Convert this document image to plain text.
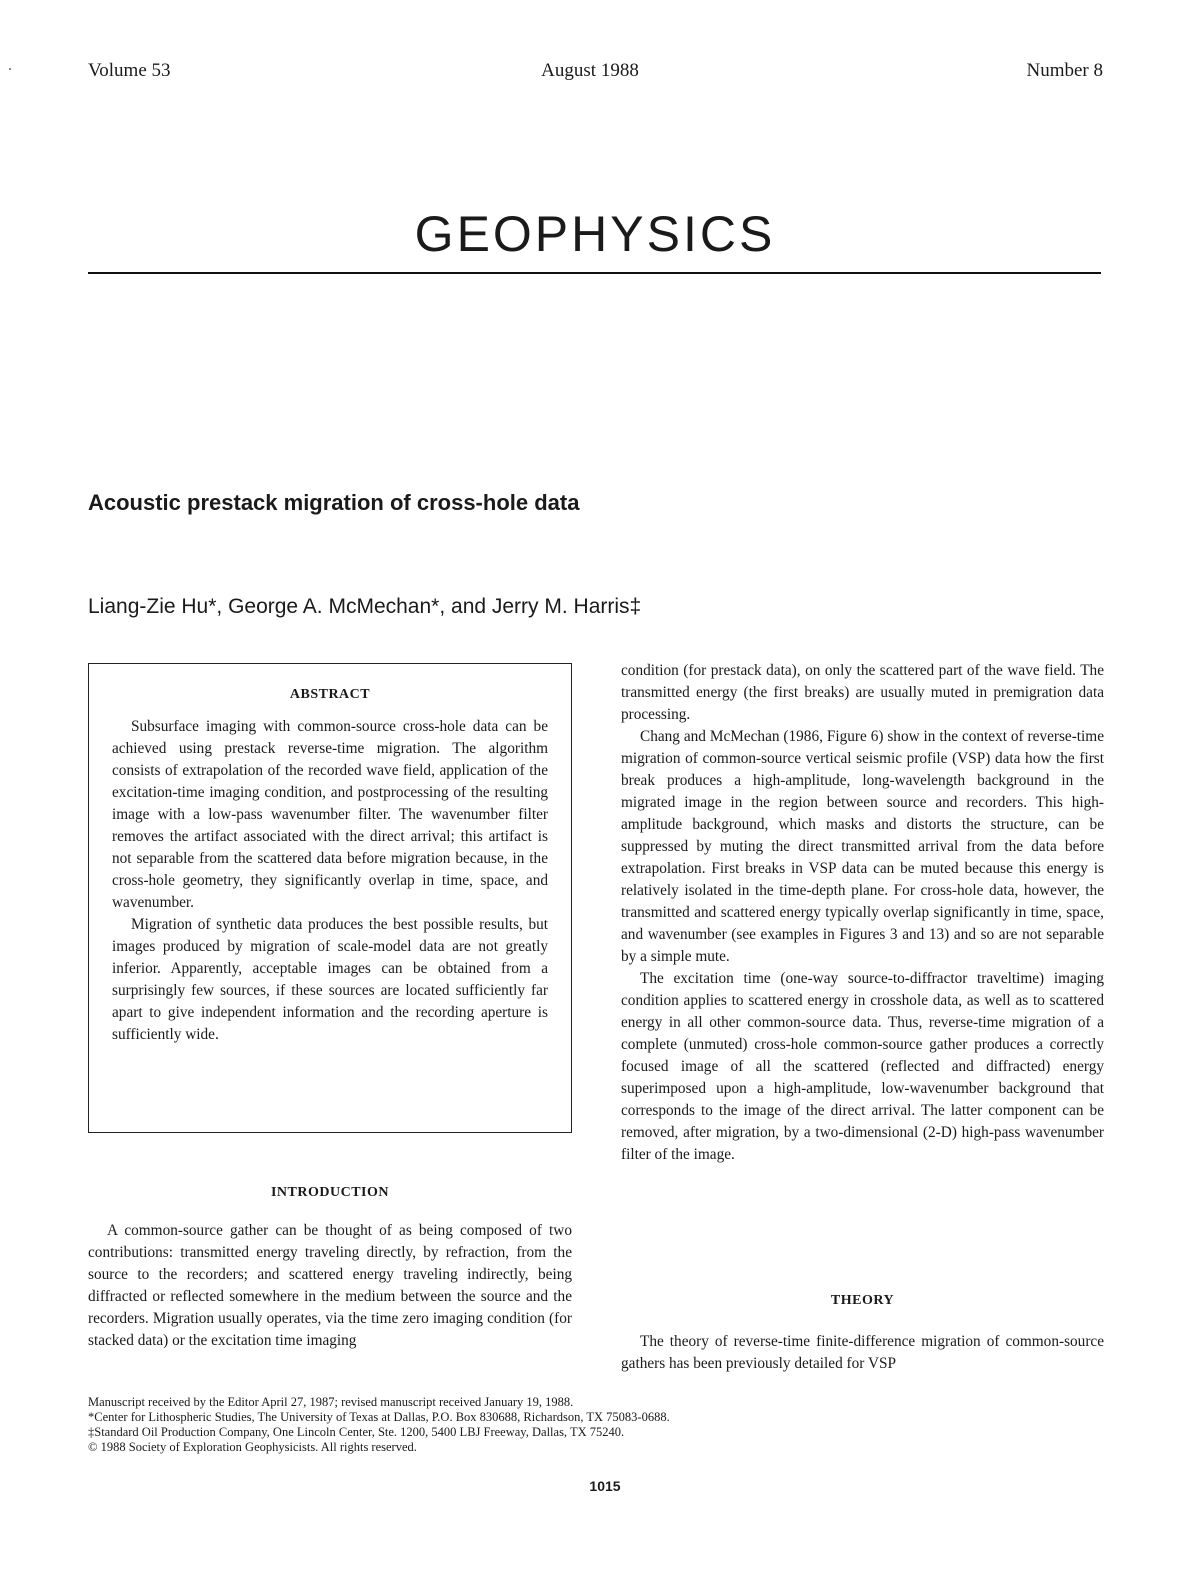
Volume 53	August 1988	Number 8
GEOPHYSICS
Acoustic prestack migration of cross-hole data
Liang-Zie Hu*, George A. McMechan*, and Jerry M. Harris‡
ABSTRACT

Subsurface imaging with common-source cross-hole data can be achieved using prestack reverse-time migration. The algorithm consists of extrapolation of the recorded wave field, application of the excitation-time imaging condition, and postprocessing of the resulting image with a low-pass wavenumber filter. The wavenumber filter removes the artifact associated with the direct arrival; this artifact is not separable from the scattered data before migration because, in the cross-hole geometry, they significantly overlap in time, space, and wavenumber.

Migration of synthetic data produces the best possible results, but images produced by migration of scale-model data are not greatly inferior. Apparently, acceptable images can be obtained from a surprisingly few sources, if these sources are located sufficiently far apart to give independent information and the recording aperture is sufficiently wide.

INTRODUCTION

A common-source gather can be thought of as being composed of two contributions: transmitted energy traveling directly, by refraction, from the source to the recorders; and scattered energy traveling indirectly, being diffracted or reflected somewhere in the medium between the source and the recorders. Migration usually operates, via the time zero imaging condition (for stacked data) or the excitation time imaging

condition (for prestack data), on only the scattered part of the wave field. The transmitted energy (the first breaks) are usually muted in premigration data processing.

Chang and McMechan (1986, Figure 6) show in the context of reverse-time migration of common-source vertical seismic profile (VSP) data how the first break produces a high-amplitude, long-wavelength background in the migrated image in the region between source and recorders. This high-amplitude background, which masks and distorts the structure, can be suppressed by muting the direct transmitted arrival from the data before extrapolation. First breaks in VSP data can be muted because this energy is relatively isolated in the time-depth plane. For cross-hole data, however, the transmitted and scattered energy typically overlap significantly in time, space, and wavenumber (see examples in Figures 3 and 13) and so are not separable by a simple mute.

The excitation time (one-way source-to-diffractor traveltime) imaging condition applies to scattered energy in crosshole data, as well as to scattered energy in all other common-source data. Thus, reverse-time migration of a complete (unmuted) cross-hole common-source gather produces a correctly focused image of all the scattered (reflected and diffracted) energy superimposed upon a high-amplitude, low-wavenumber background that corresponds to the image of the direct arrival. The latter component can be removed, after migration, by a two-dimensional (2-D) high-pass wavenumber filter of the image.

THEORY

The theory of reverse-time finite-difference migration of common-source gathers has been previously detailed for VSP

Manuscript received by the Editor April 27, 1987; revised manuscript received January 19, 1988.
*Center for Lithospheric Studies, The University of Texas at Dallas, P.O. Box 830688, Richardson, TX 75083-0688.
‡Standard Oil Production Company, One Lincoln Center, Ste. 1200, 5400 LBJ Freeway, Dallas, TX 75240.
© 1988 Society of Exploration Geophysicists. All rights reserved.
1015
